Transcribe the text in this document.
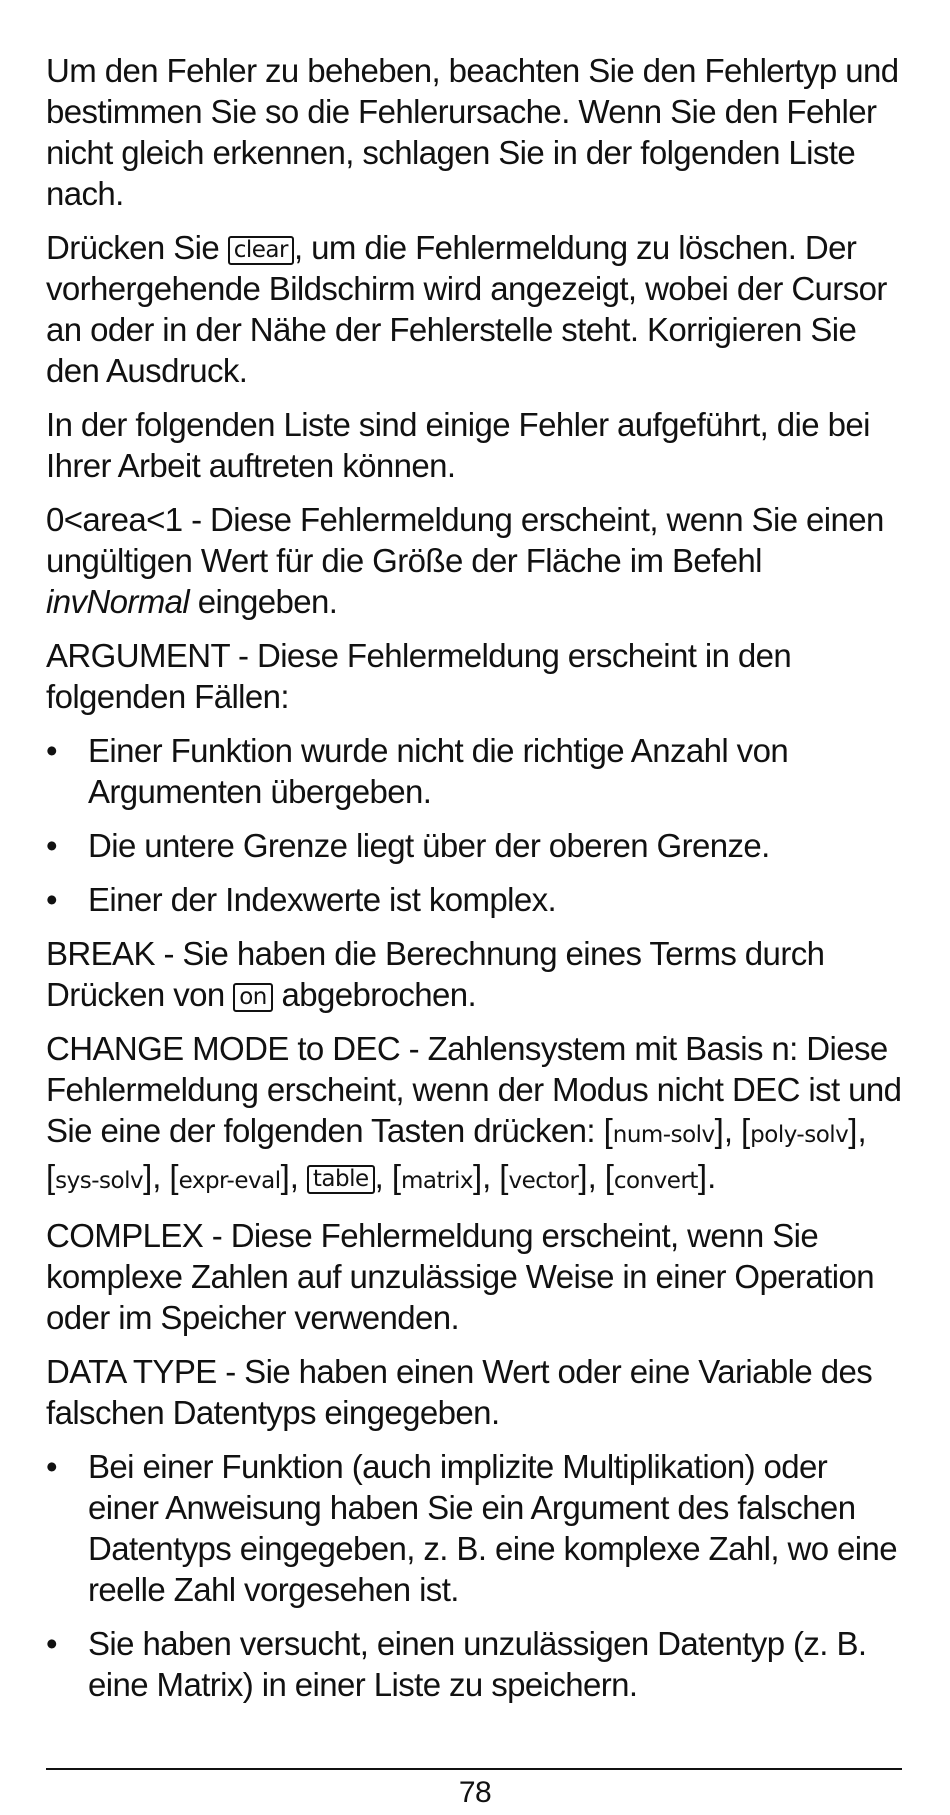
Um den Fehler zu beheben, beachten Sie den Fehlertyp und bestimmen Sie so die Fehlerursache. Wenn Sie den Fehler nicht gleich erkennen, schlagen Sie in der folgenden Liste nach.

Drücken Sie clear , um die Fehlermeldung zu löschen. Der vorhergehende Bildschirm wird angezeigt, wobei der Cursor an oder in der Nähe der Fehlerstelle steht. Korrigieren Sie den Ausdruck.

In der folgenden Liste sind einige Fehler aufgeführt, die bei Ihrer Arbeit auftreten können.

0<area<1 - Diese Fehlermeldung erscheint, wenn Sie einen ungültigen Wert für die Größe der Fläche im Befehl invNormal eingeben.

ARGUMENT - Diese Fehlermeldung erscheint in den folgenden Fällen:

• Einer Funktion wurde nicht die richtige Anzahl von Argumenten übergeben.
• Die untere Grenze liegt über der oberen Grenze.
• Einer der Indexwerte ist komplex.

BREAK - Sie haben die Berechnung eines Terms durch Drücken von on abgebrochen.

CHANGE MODE to DEC - Zahlensystem mit Basis n: Diese Fehlermeldung erscheint, wenn der Modus nicht DEC ist und Sie eine der folgenden Tasten drücken: [ num-solv ] , [ poly-solv ] , [ sys-solv ] , [ expr-eval ] , table , [ matrix ] , [ vector ] , [ convert ] .

COMPLEX - Diese Fehlermeldung erscheint, wenn Sie komplexe Zahlen auf unzulässige Weise in einer Operation oder im Speicher verwenden.

DATA TYPE - Sie haben einen Wert oder eine Variable des falschen Datentyps eingegeben.

• Bei einer Funktion (auch implizite Multiplikation) oder einer Anweisung haben Sie ein Argument des falschen Datentyps eingegeben, z. B. eine komplexe Zahl, wo eine reelle Zahl vorgesehen ist.
• Sie haben versucht, einen unzulässigen Datentyp (z. B. eine Matrix) in einer Liste zu speichern.
78
